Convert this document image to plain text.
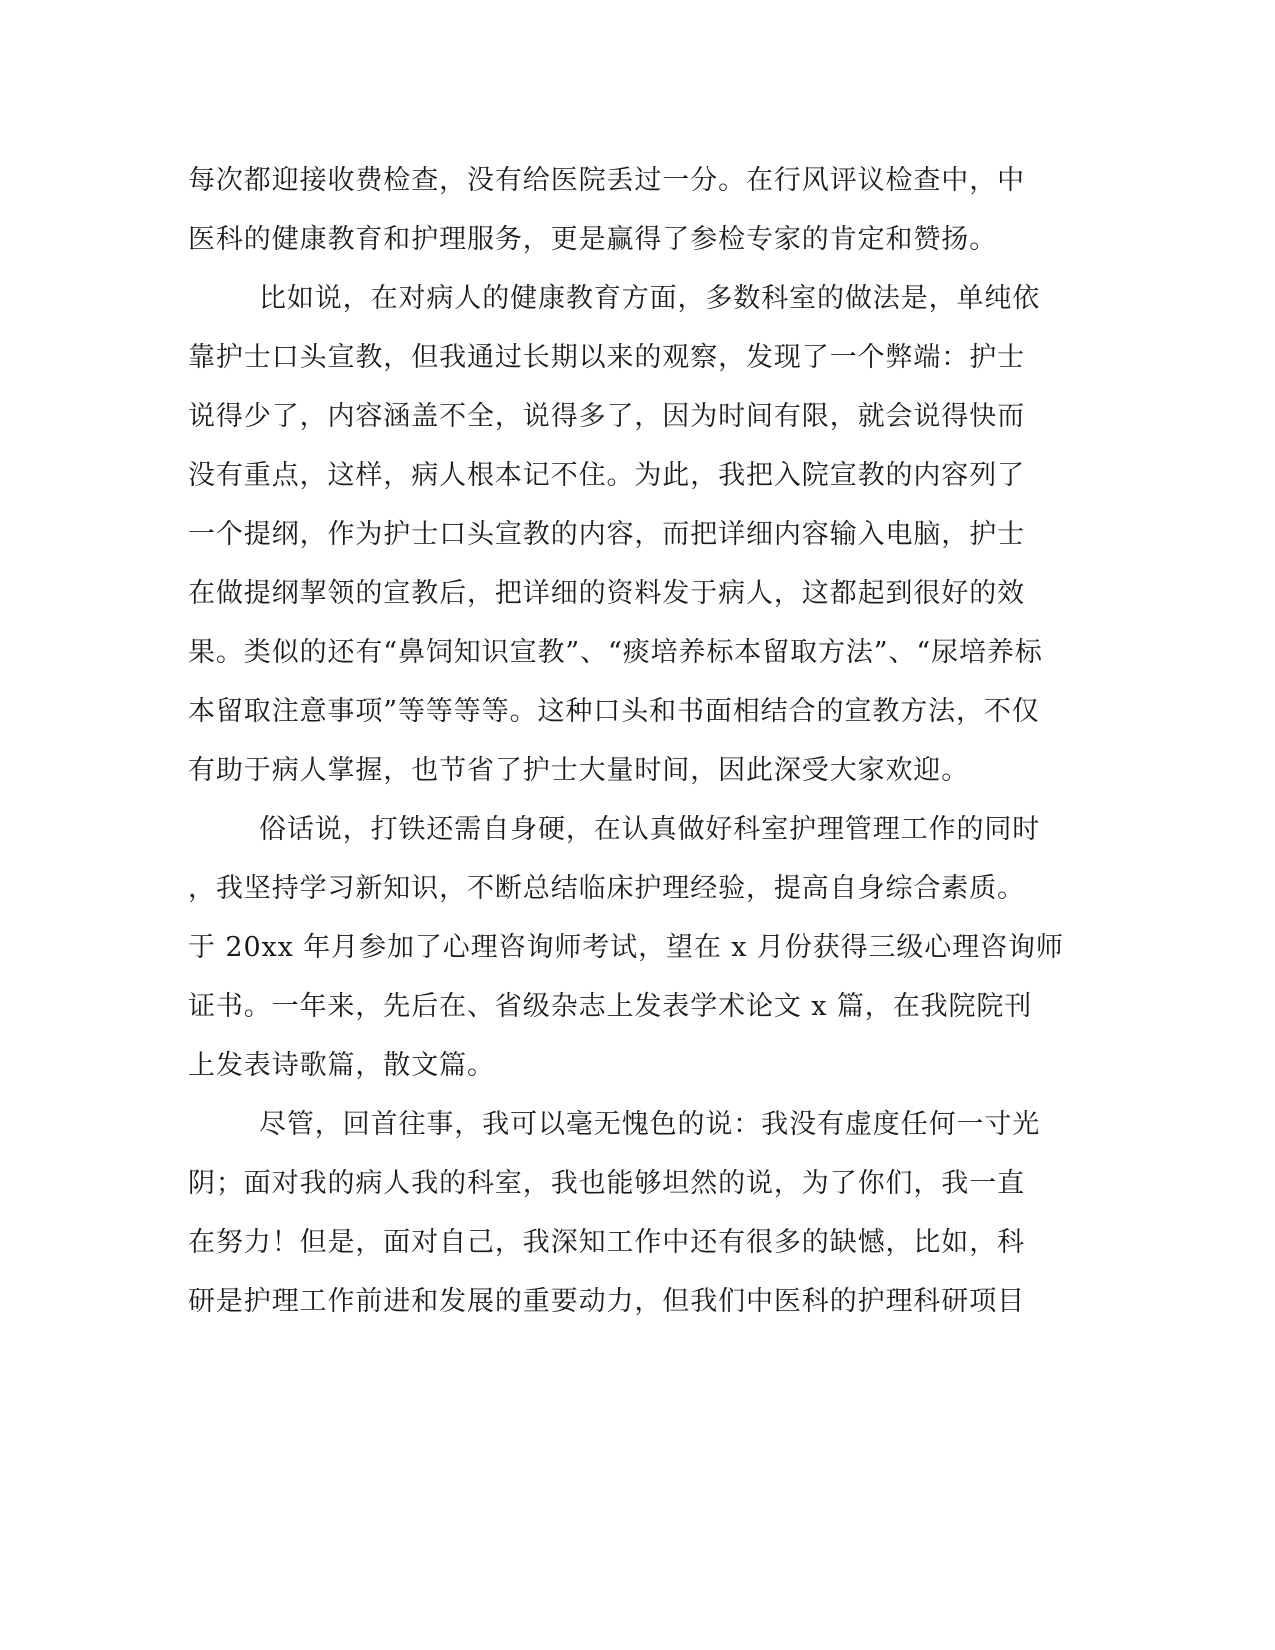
每次都迎接收费检查，没有给医院丢过一分。在行风评议检查中，中
医科的健康教育和护理服务，更是赢得了参检专家的肯定和赞扬。
比如说，在对病人的健康教育方面，多数科室的做法是，单纯依
靠护士口头宣教，但我通过长期以来的观察，发现了一个弊端：护士
说得少了，内容涵盖不全，说得多了，因为时间有限，就会说得快而
没有重点，这样，病人根本记不住。为此，我把入院宣教的内容列了
一个提纲，作为护士口头宣教的内容，而把详细内容输入电脑，护士
在做提纲挈领的宣教后，把详细的资料发于病人，这都起到很好的效
果。类似的还有“鼻饲知识宣教”、“痰培养标本留取方法”、“尿培养标
本留取注意事项”等等等等。这种口头和书面相结合的宣教方法，不仅
有助于病人掌握，也节省了护士大量时间，因此深受大家欢迎。
俗话说，打铁还需自身硬，在认真做好科室护理管理工作的同时
，我坚持学习新知识，不断总结临床护理经验，提高自身综合素质。
于 20xx 年月参加了心理咨询师考试，望在 x 月份获得三级心理咨询师
证书。一年来，先后在、省级杂志上发表学术论文 x 篇，在我院院刊
上发表诗歌篇，散文篇。
尽管，回首往事，我可以毫无愧色的说：我没有虚度任何一寸光
阴；面对我的病人我的科室，我也能够坦然的说，为了你们，我一直
在努力！但是，面对自己，我深知工作中还有很多的缺憾，比如，科
研是护理工作前进和发展的重要动力，但我们中医科的护理科研项目
